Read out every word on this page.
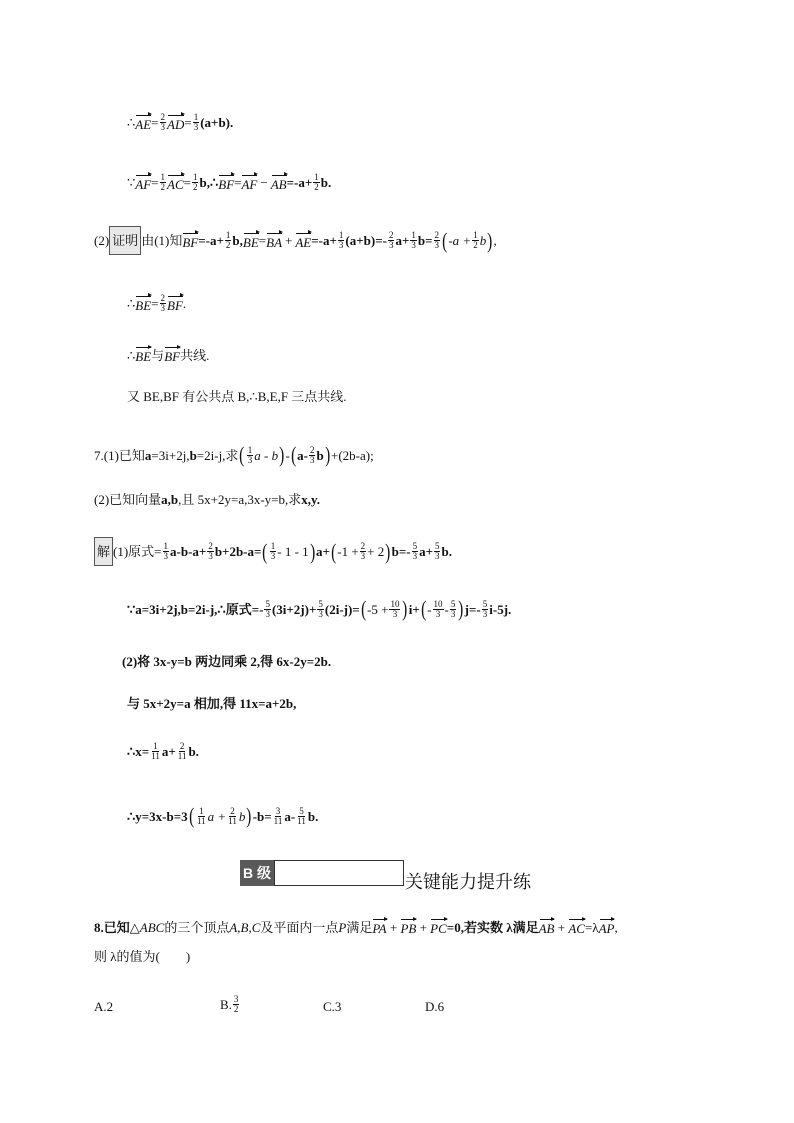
∴ AE = $\frac{2}{3}$ AD = $\frac{1}{3} (a+b)$.
∵ AF = $\frac{1}{2}$ AC = $\frac{1}{2}$ b,∴ BF = AF − AB $=-a+ \frac{1}{2} b$.
(2) 证明 由(1)知 BF $=-a+ \frac{1}{2} b$, BE = BA + AE $=-a+ \frac{1}{3} (a+b)=- \frac{2}{3} a+ \frac{1}{3} b= \frac{2}{3}$ ( $-a + \frac{1}{2}$ b ) ,
∴ BE = $\frac{2}{3}$ BF .
∴ BE 与 BF 共线.
又 BE,BF 有公共点 B,∴B,E,F 三点共线.
7.(1)已知 a =3i+2j, b =2i-j,求 ( $\frac{1}{3}$ a - b ) - ( $a- \frac{2}{3}$ b ) +(2b-a);
(2)已知向量 a,b ,且 5x+2y=a,3x-y=b,求 x,y.
解 (1)原式= $\frac{1}{3} a-b-a+ \frac{2}{3} b+2b-a=$ ( $\frac{1}{3} - 1 - 1$ ) a+ ( $-1 + \frac{2}{3} + 2$ ) $b=- \frac{5}{3} a+ \frac{5}{3} b$.
∵a=3i+2j,b=2i-j,∴原式=- $\frac{5}{3} (3i+2j)+ \frac{5}{3} (2i-j)=$ ( $-5 + \frac{10}{3}$ ) i+ ( - $\frac{10}{3} - \frac{5}{3}$ ) $j=- \frac{5}{3} i-5j$.
(2)将 3x-y=b 两边同乘 2,得 6x-2y=2b.
与 5x+2y=a 相加,得 11x=a+2b,
∴x= $\frac{1}{11} a+ \frac{2}{11} b$.
∴y=3x-b=3 ( $\frac{1}{11}$ $a + \frac{2}{11}$ b ) $-b= \frac{3}{11} a- \frac{5}{11} b$.
B 级	关键能力提升练
8.已知△ ABC 的三个顶点 A,B,C 及平面内一点 P 满足 PA + PB + PC =0,若实数 λ满足 AB + AC =λ AP ,
则 λ的值为(　　)
A.2	B. $\frac{3}{2}$	C.3	D.6
